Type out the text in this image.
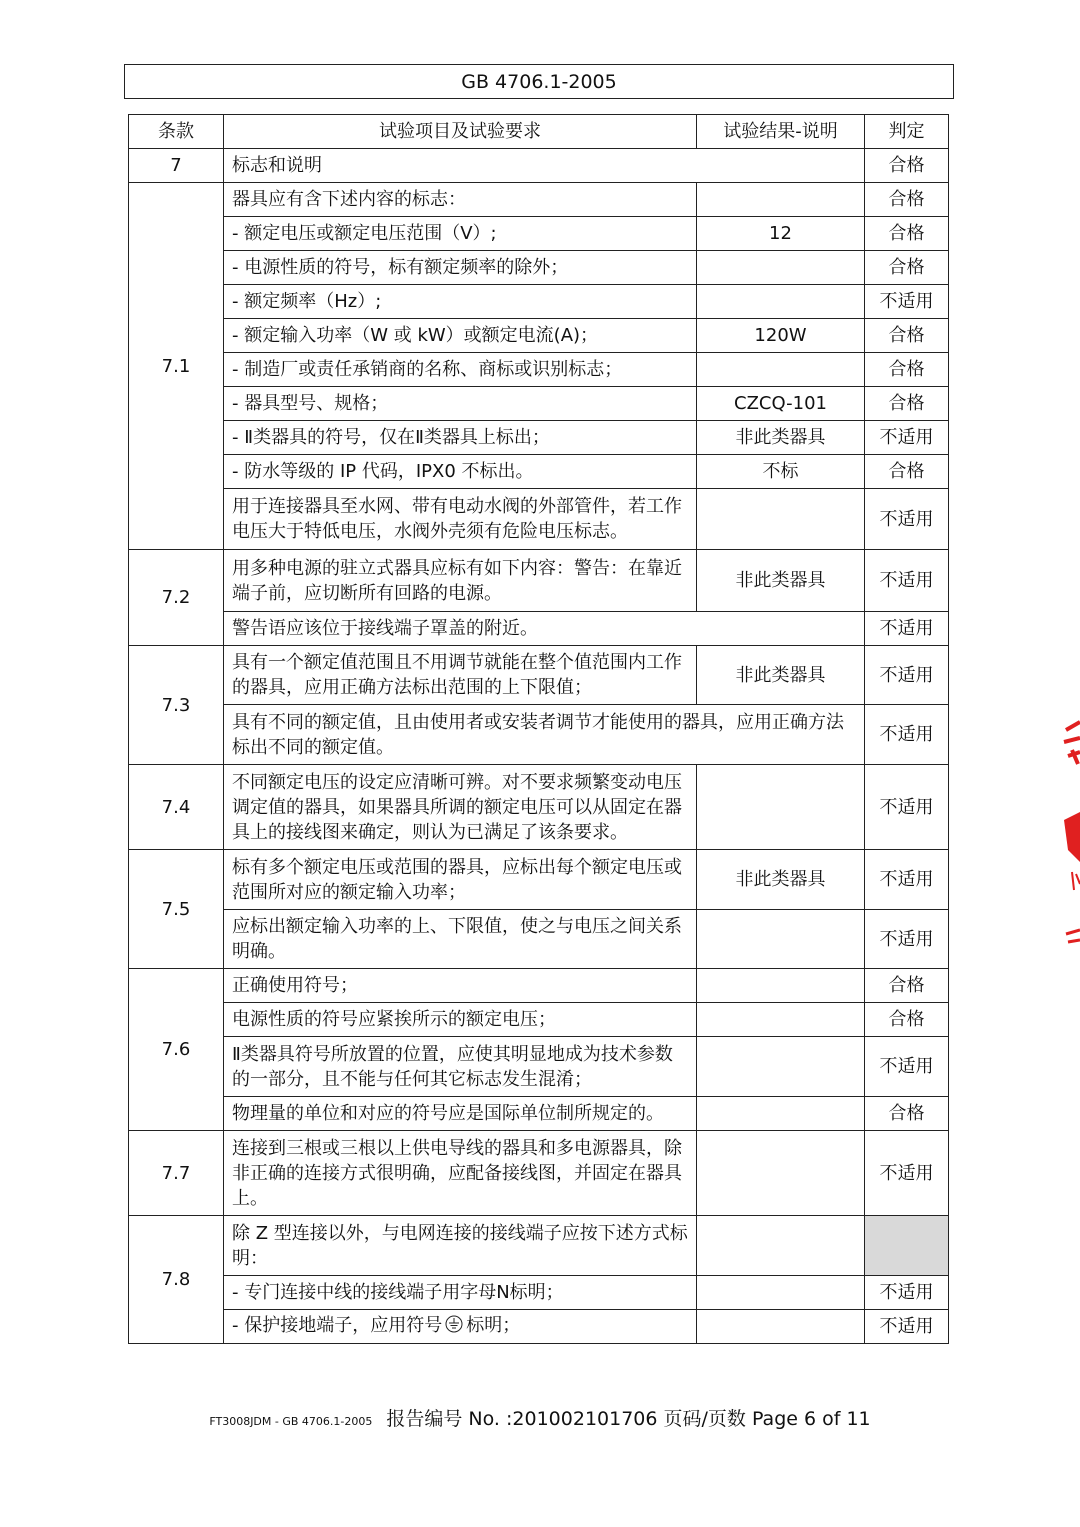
GB 4706.1-2005
条款	试验项目及试验要求	试验结果-说明	判定
7	标志和说明		合格
7.1	器具应有含下述内容的标志：		合格
	- 额定电压或额定电压范围（V）;	12	合格
	- 电源性质的符号，标有额定频率的除外；		合格
	- 额定频率（Hz）;		不适用
	- 额定输入功率（W 或 kW）或额定电流(A)；	120W	合格
	- 制造厂或责任承销商的名称、商标或识别标志；		合格
	- 器具型号、规格；	CZCQ-101	合格
	- Ⅱ类器具的符号，仅在Ⅱ类器具上标出；	非此类器具	不适用
	- 防水等级的 IP 代码，IPX0 不标出。	不标	合格
	用于连接器具至水网、带有电动水阀的外部管件，若工作电压大于特低电压，水阀外壳须有危险电压标志。		不适用
7.2	用多种电源的驻立式器具应标有如下内容：警告：在靠近端子前，应切断所有回路的电源。	非此类器具	不适用
	警告语应该位于接线端子罩盖的附近。		不适用
7.3	具有一个额定值范围且不用调节就能在整个值范围内工作的器具，应用正确方法标出范围的上下限值；	非此类器具	不适用
	具有不同的额定值，且由使用者或安装者调节才能使用的器具，应用正确方法标出不同的额定值。		不适用
7.4	不同额定电压的设定应清晰可辨。对不要求频繁变动电压调定值的器具，如果器具所调的额定电压可以从固定在器具上的接线图来确定，则认为已满足了该条要求。		不适用
7.5	标有多个额定电压或范围的器具，应标出每个额定电压或范围所对应的额定输入功率；	非此类器具	不适用
	应标出额定输入功率的上、下限值，使之与电压之间关系明确。		不适用
7.6	正确使用符号；		合格
	电源性质的符号应紧挨所示的额定电压；		合格
	Ⅱ类器具符号所放置的位置，应使其明显地成为技术参数的一部分，且不能与任何其它标志发生混淆；		不适用
	物理量的单位和对应的符号应是国际单位制所规定的。		合格
7.7	连接到三根或三根以上供电导线的器具和多电源器具，除非正确的连接方式很明确，应配备接线图，并固定在器具上。		不适用
7.8	除 Z 型连接以外，与电网连接的接线端子应按下述方式标明：		
	- 专门连接中线的接线端子用字母N标明；		不适用
	- 保护接地端子，应用符号 标明；		不适用
FT3008JDM - GB 4706.1-2005 报告编号 No. :201002101706 页码/页数 Page 6 of 11
